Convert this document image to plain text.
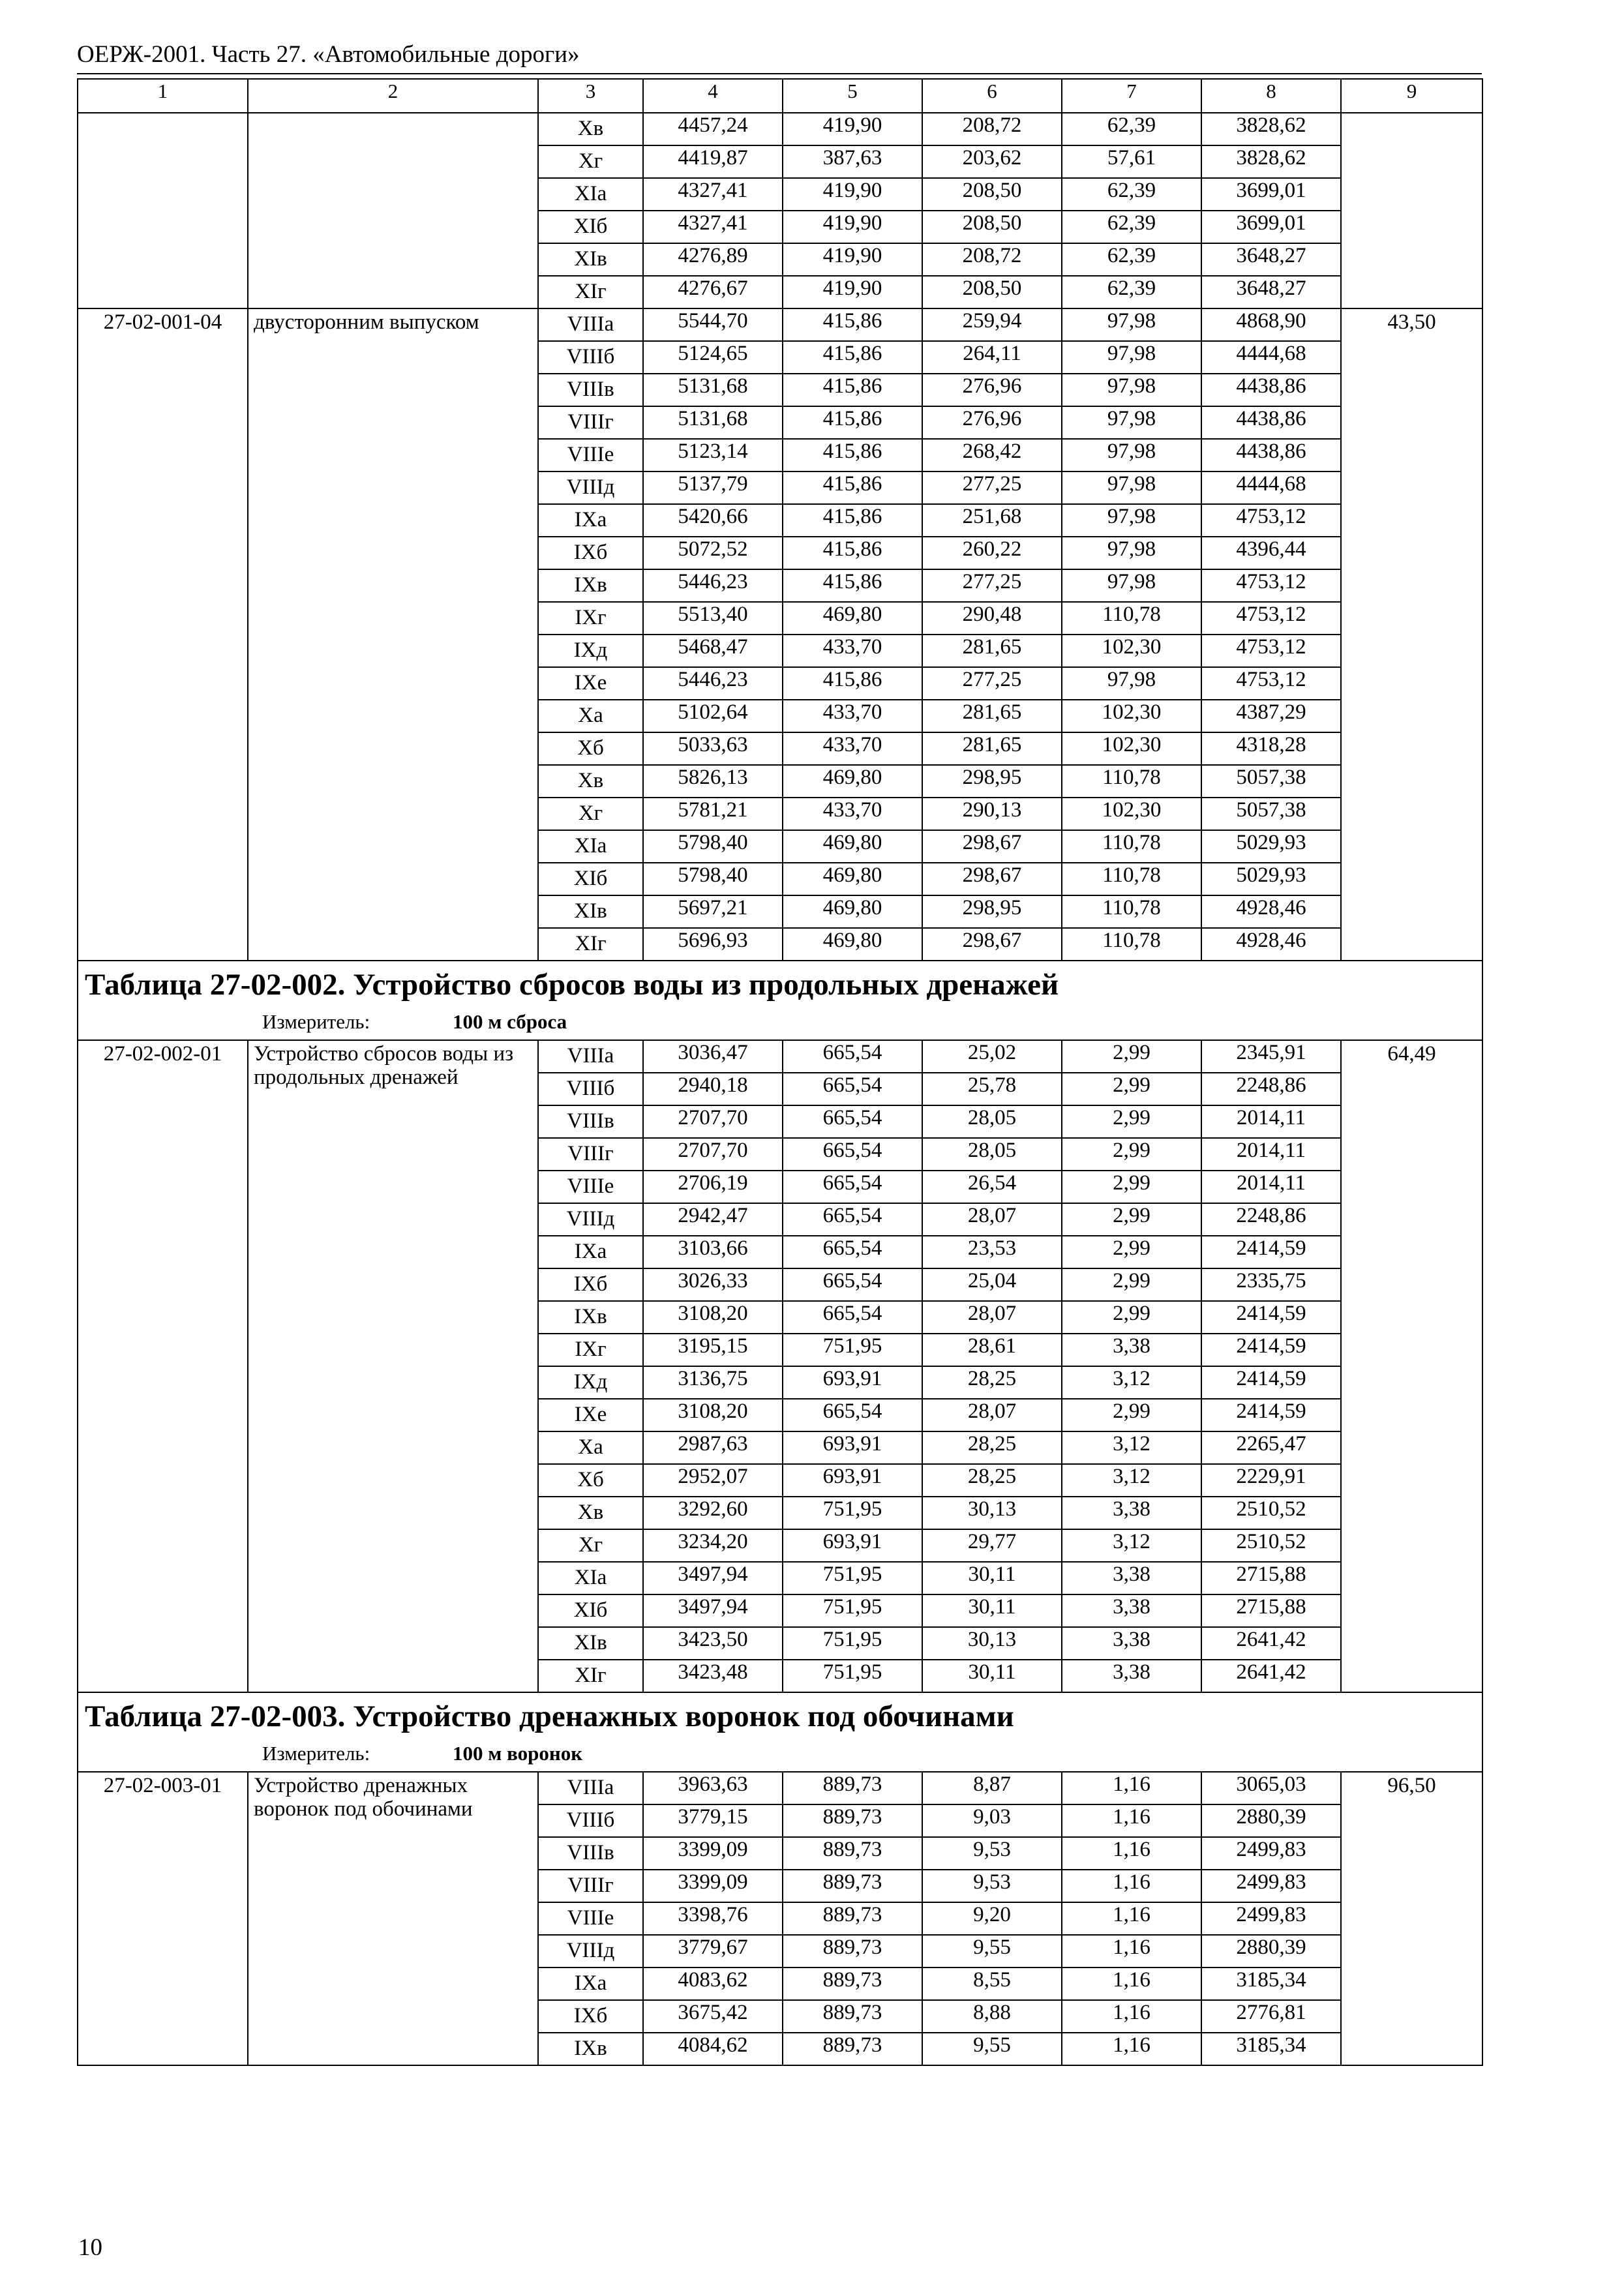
ОЕРЖ-2001. Часть 27. «Автомобильные дороги»
1	2	3	4	5	6	7	8	9
		Хв	4457,24	419,90	208,72	62,39	3828,62	
		Хг	4419,87	387,63	203,62	57,61	3828,62	
		ХIа	4327,41	419,90	208,50	62,39	3699,01	
		ХIб	4327,41	419,90	208,50	62,39	3699,01	
		ХIв	4276,89	419,90	208,72	62,39	3648,27	
		ХIг	4276,67	419,90	208,50	62,39	3648,27	
27-02-001-04	двусторонним выпуском	VIIIа	5544,70	415,86	259,94	97,98	4868,90	43,50
		VIIIб	5124,65	415,86	264,11	97,98	4444,68	
		VIIIв	5131,68	415,86	276,96	97,98	4438,86	
		VIIIг	5131,68	415,86	276,96	97,98	4438,86	
		VIIIе	5123,14	415,86	268,42	97,98	4438,86	
		VIIIд	5137,79	415,86	277,25	97,98	4444,68	
		IХа	5420,66	415,86	251,68	97,98	4753,12	
		IХб	5072,52	415,86	260,22	97,98	4396,44	
		IХв	5446,23	415,86	277,25	97,98	4753,12	
		IХг	5513,40	469,80	290,48	110,78	4753,12	
		IХд	5468,47	433,70	281,65	102,30	4753,12	
		IХе	5446,23	415,86	277,25	97,98	4753,12	
		Ха	5102,64	433,70	281,65	102,30	4387,29	
		Хб	5033,63	433,70	281,65	102,30	4318,28	
		Хв	5826,13	469,80	298,95	110,78	5057,38	
		Хг	5781,21	433,70	290,13	102,30	5057,38	
		ХIа	5798,40	469,80	298,67	110,78	5029,93	
		ХIб	5798,40	469,80	298,67	110,78	5029,93	
		ХIв	5697,21	469,80	298,95	110,78	4928,46	
		ХIг	5696,93	469,80	298,67	110,78	4928,46	

Таблица 27-02-002. Устройство сбросов воды из продольных дренажей
Измеритель: 100 м сброса								

27-02-002-01	Устройство сбросов воды из продольных дренажей	VIIIа	3036,47	665,54	25,02	2,99	2345,91	64,49
		VIIIб	2940,18	665,54	25,78	2,99	2248,86	
		VIIIв	2707,70	665,54	28,05	2,99	2014,11	
		VIIIг	2707,70	665,54	28,05	2,99	2014,11	
		VIIIе	2706,19	665,54	26,54	2,99	2014,11	
		VIIIд	2942,47	665,54	28,07	2,99	2248,86	
		IХа	3103,66	665,54	23,53	2,99	2414,59	
		IХб	3026,33	665,54	25,04	2,99	2335,75	
		IХв	3108,20	665,54	28,07	2,99	2414,59	
		IХг	3195,15	751,95	28,61	3,38	2414,59	
		IХд	3136,75	693,91	28,25	3,12	2414,59	
		IХе	3108,20	665,54	28,07	2,99	2414,59	
		Ха	2987,63	693,91	28,25	3,12	2265,47	
		Хб	2952,07	693,91	28,25	3,12	2229,91	
		Хв	3292,60	751,95	30,13	3,38	2510,52	
		Хг	3234,20	693,91	29,77	3,12	2510,52	
		ХIа	3497,94	751,95	30,11	3,38	2715,88	
		ХIб	3497,94	751,95	30,11	3,38	2715,88	
		ХIв	3423,50	751,95	30,13	3,38	2641,42	
		ХIг	3423,48	751,95	30,11	3,38	2641,42	

Таблица 27-02-003. Устройство дренажных воронок под обочинами
Измеритель: 100 м воронок								

27-02-003-01	Устройство дренажных воронок под обочинами	VIIIа	3963,63	889,73	8,87	1,16	3065,03	96,50
		VIIIб	3779,15	889,73	9,03	1,16	2880,39	
		VIIIв	3399,09	889,73	9,53	1,16	2499,83	
		VIIIг	3399,09	889,73	9,53	1,16	2499,83	
		VIIIе	3398,76	889,73	9,20	1,16	2499,83	
		VIIIд	3779,67	889,73	9,55	1,16	2880,39	
		IХа	4083,62	889,73	8,55	1,16	3185,34	
		IХб	3675,42	889,73	8,88	1,16	2776,81	
		IХв	4084,62	889,73	9,55	1,16	3185,34	
10
